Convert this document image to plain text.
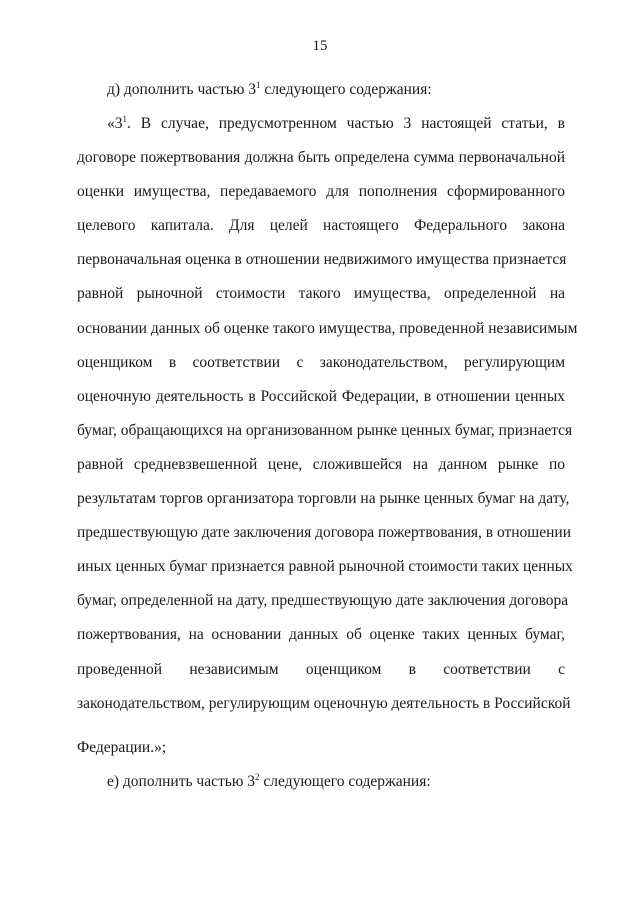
15
д) дополнить частью $3^1$ следующего содержания:
«$3^1$. В случае, предусмотренном частью 3 настоящей статьи, в
договоре пожертвования должна быть определена сумма первоначальной
оценки имущества, передаваемого для пополнения сформированного
целевого капитала. Для целей настоящего Федерального закона
первоначальная оценка в отношении недвижимого имущества признается
равной рыночной стоимости такого имущества, определенной на
основании данных об оценке такого имущества, проведенной независимым
оценщиком в соответствии с законодательством, регулирующим
оценочную деятельность в Российской Федерации, в отношении ценных
бумаг, обращающихся на организованном рынке ценных бумаг, признается
равной средневзвешенной цене, сложившейся на данном рынке по
результатам торгов организатора торговли на рынке ценных бумаг на дату,
предшествующую дате заключения договора пожертвования, в отношении
иных ценных бумаг признается равной рыночной стоимости таких ценных
бумаг, определенной на дату, предшествующую дате заключения договора
пожертвования, на основании данных об оценке таких ценных бумаг,
проведенной независимым оценщиком в соответствии с
законодательством, регулирующим оценочную деятельность в Российской
Федерации.»;
е) дополнить частью $3^2$ следующего содержания:
